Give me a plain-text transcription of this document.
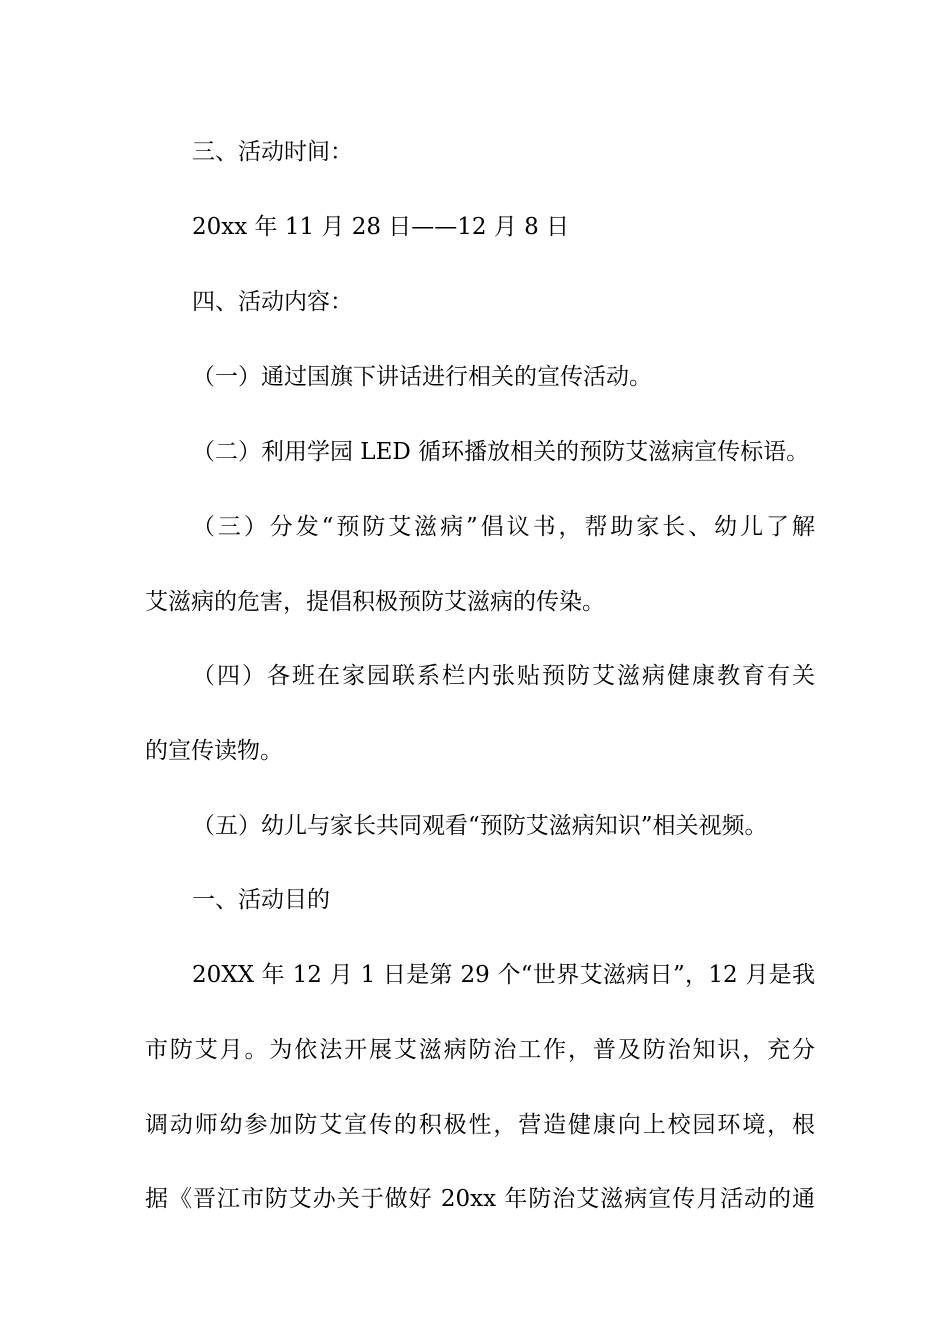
三、活动时间：
20xx 年 11 月 28 日——12 月 8 日
四、活动内容：
（一）通过国旗下讲话进行相关的宣传活动。
（二）利用学园 LED 循环播放相关的预防艾滋病宣传标语。
（三）分发“预防艾滋病”倡议书，帮助家长、幼儿了解
艾滋病的危害，提倡积极预防艾滋病的传染。
（四）各班在家园联系栏内张贴预防艾滋病健康教育有关
的宣传读物。
（五）幼儿与家长共同观看“预防艾滋病知识”相关视频。
一、活动目的
20XX 年 12 月 1 日是第 29 个“世界艾滋病日”，12 月是我
市防艾月。为依法开展艾滋病防治工作，普及防治知识，充分
调动师幼参加防艾宣传的积极性，营造健康向上校园环境，根
据《晋江市防艾办关于做好 20xx 年防治艾滋病宣传月活动的通
